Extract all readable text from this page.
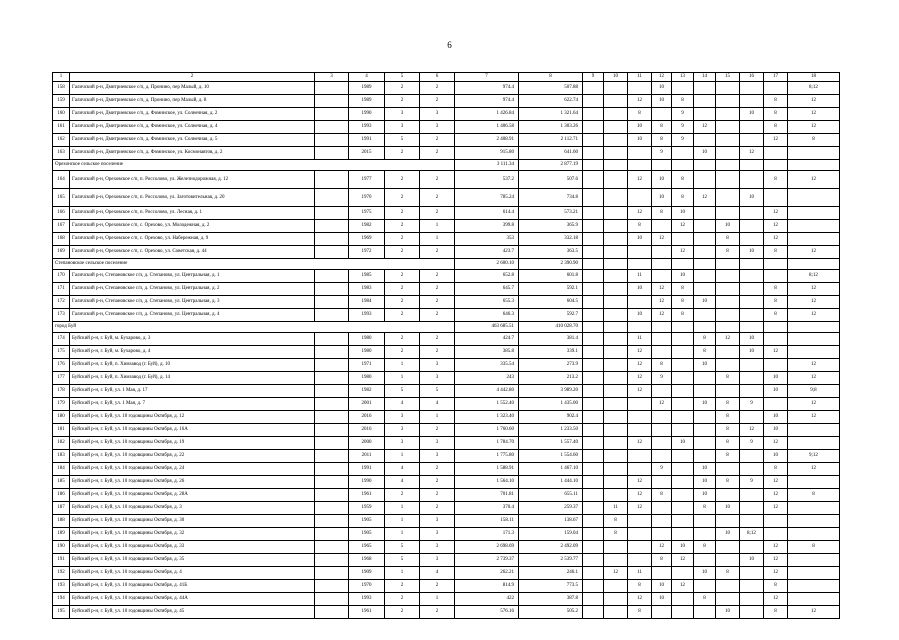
6
1	2	3	4	5	6	7	8	9	10	11	12	13	14	15	16	17	18
158	Галичский р-н, Дмитриевское с/п, д. Пронино, пер Малый, д. 10		1989	2	2	974.4	507.88				10						8;12
159	Галичский р-н, Дмитриевское с/п, д. Пронино, пер Малый, д. 8		1989	2	2	974.4	622.74			12	10	8				8	12
160	Галичский р-н, Дмитриевское с/п, д. Фоминское, ул. Солнечная, д. 2		1990	3	3	1 426.84	1 321.64			8		9			10	8	12
161	Галичский р-н, Дмитриевское с/п, д. Фоминское, ул. Солнечная, д. 4		1993	3	3	1 406.58	1 303.26			10	8	9	12			8	12
162	Галичский р-н, Дмитриевское с/п, д. Фоминское, ул. Солнечная, д. 5		1991	5	2	2 408.91	2 112.71			10	8	9				12	8
163	Галичский р-н, Дмитриевское с/п, д. Фоминское, ул. Космонавтов, д. 2		2015	2	2	915.80	641.60				9		10		12		
Орехонское сельское поселение						3 111.34	2 877.19										
164	Галичский р-н, Ореховское с/п, п. Россолово, ул. Железнодорожная, д. 12		1977	2	2	537.2	507.6			12	10	8				8	12
165	Галичский р-н, Ореховское с/п, п. Россолово, ул. Заготовительная, д. 20		1970	2	2	785.24	734.8				10	8	12		10		
166	Галичский р-н, Ореховское с/п, п. Россолово, ул. Лесная, д. 1		1975	2	2	614.4	573.21			12	8	10				12	
167	Галичский р-н, Ореховское с/п, с. Орехово, ул. Молодежная, д. 2		1982	2	1	399.8	365.9			8		12		10		12	
168	Галичский р-н, Ореховское с/п, с. Орехово, ул. Набережная, д. 9		1969	2	1	353	332.18			10	12			8		12	
169	Галичский р-н, Ореховское с/п, с. Орехово, ул. Советская, д. 44		1972	2	2	423.7	363.5					12		8	10	8	12
Степановское сельское поселение						2 600.10	2 390.90										
170	Галичский р-н, Степановское с/п, д. Степаново, ул. Центральная, д. 1		1985	2	2	652.8	601.8			11		10					8;12
171	Галичский р-н, Степановское с/п, д. Степаново, ул. Центральная, д. 2		1983	2	2	645.7	592.1			10	12	8				8	12
172	Галичский р-н, Степановское с/п, д. Степаново, ул. Центральная, д. 3		1984	2	2	655.3	604.5				12	8	10			8	12
173	Галичский р-н, Степановское с/п, д. Степаново, ул. Центральная, д. 4		1993	2	2	646.3	592.7			10	12	8				8	12
город Буй						463 685.51	410 028.70										
174	Буйский р-н, г. Буй, м. Бухарово, д. 3		1980	2	2	424.7	381.4			11			8	12	10		
175	Буйский р-н, г. Буй, м. Бухарово, д. 4		1980	2	2	385.8	339.1			12			8		10	12	
176	Буйский р-н, г. Буй, п. Химзавод (г. Буй), д. 10		1971	1	3	335.54	273.9			12	8		10				12
177	Буйский р-н, г. Буй, п. Химзавод (г. Буй), д. 14		1980	1	3	243	213.2			12	9			8		10	12
178	Буйский р-н, г. Буй, ул. 1 Мая, д. 17		1982	5	5	4 442.80	3 989.20			12						10	9;8
179	Буйский р-н, г. Буй, ул. 1 Мая, д. 7		2001	4	4	1 552.40	1 435.00				12		10	8	9		12
180	Буйский р-н, г. Буй, ул. 10 годовщины Октября, д. 12		2016	3	1	1 323.40	902.4							8		10	12
181	Буйский р-н, г. Буй, ул. 10 годовщины Октября, д. 16А		2016	3	2	1 760.60	1 233.50							8	12	10	
182	Буйский р-н, г. Буй, ул. 10 годовщины Октября, д. 19		2000	3	3	1 784.70	1 557.40			12		10		8	9	12	
183	Буйский р-н, г. Буй, ул. 10 годовщины Октября, д. 22		2011	1	3	1 775.80	1 554.60							8		10	9;12
184	Буйский р-н, г. Буй, ул. 10 годовщины Октября, д. 24		1991	4	2	1 588.91	1 467.10				9		10			8	12
185	Буйский р-н, г. Буй, ул. 10 годовщины Октября, д. 26		1990	4	2	1 564.10	1 444.10			12			10	8	9	12	
186	Буйский р-н, г. Буй, ул. 10 годовщины Октября, д. 28А		1961	2	2	701.81	655.11			12	8		10			12	8
187	Буйский р-н, г. Буй, ул. 10 годовщины Октября, д. 3		1959	1	2	370.4	259.37		11	12			8	10		12	
188	Буйский р-н, г. Буй, ул. 10 годовщины Октября, д. 30		1905	1	3	158.11	138.67		8								
189	Буйский р-н, г. Буй, ул. 10 годовщины Октября, д. 32		1905	1	3	171.3	159.04		8					10	8;12		
190	Буйский р-н, г. Буй, ул. 10 годовщины Октября, д. 33		1965	5	3	2 698.69	2 492.09				12	10	8			12	8
191	Буйский р-н, г. Буй, ул. 10 годовщины Октября, д. 35		1968	5	3	2 739.37	2 539.77				8	12			10	12	
192	Буйский р-н, г. Буй, ул. 10 годовщины Октября, д. 4		1909	1	4	262.21	246.1		12	11			10	8		12	
193	Буйский р-н, г. Буй, ул. 10 годовщины Октября, д. 41Б		1970	2	2	814.9	773.5			8	10	12				8	
194	Буйский р-н, г. Буй, ул. 10 годовщины Октября, д. 44А		1993	2	1	422	387.8			12	10		8			12	
195	Буйский р-н, г. Буй, ул. 10 годовщины Октября, д. 45		1961	2	2	576.16	505.2			8				10		8	12
